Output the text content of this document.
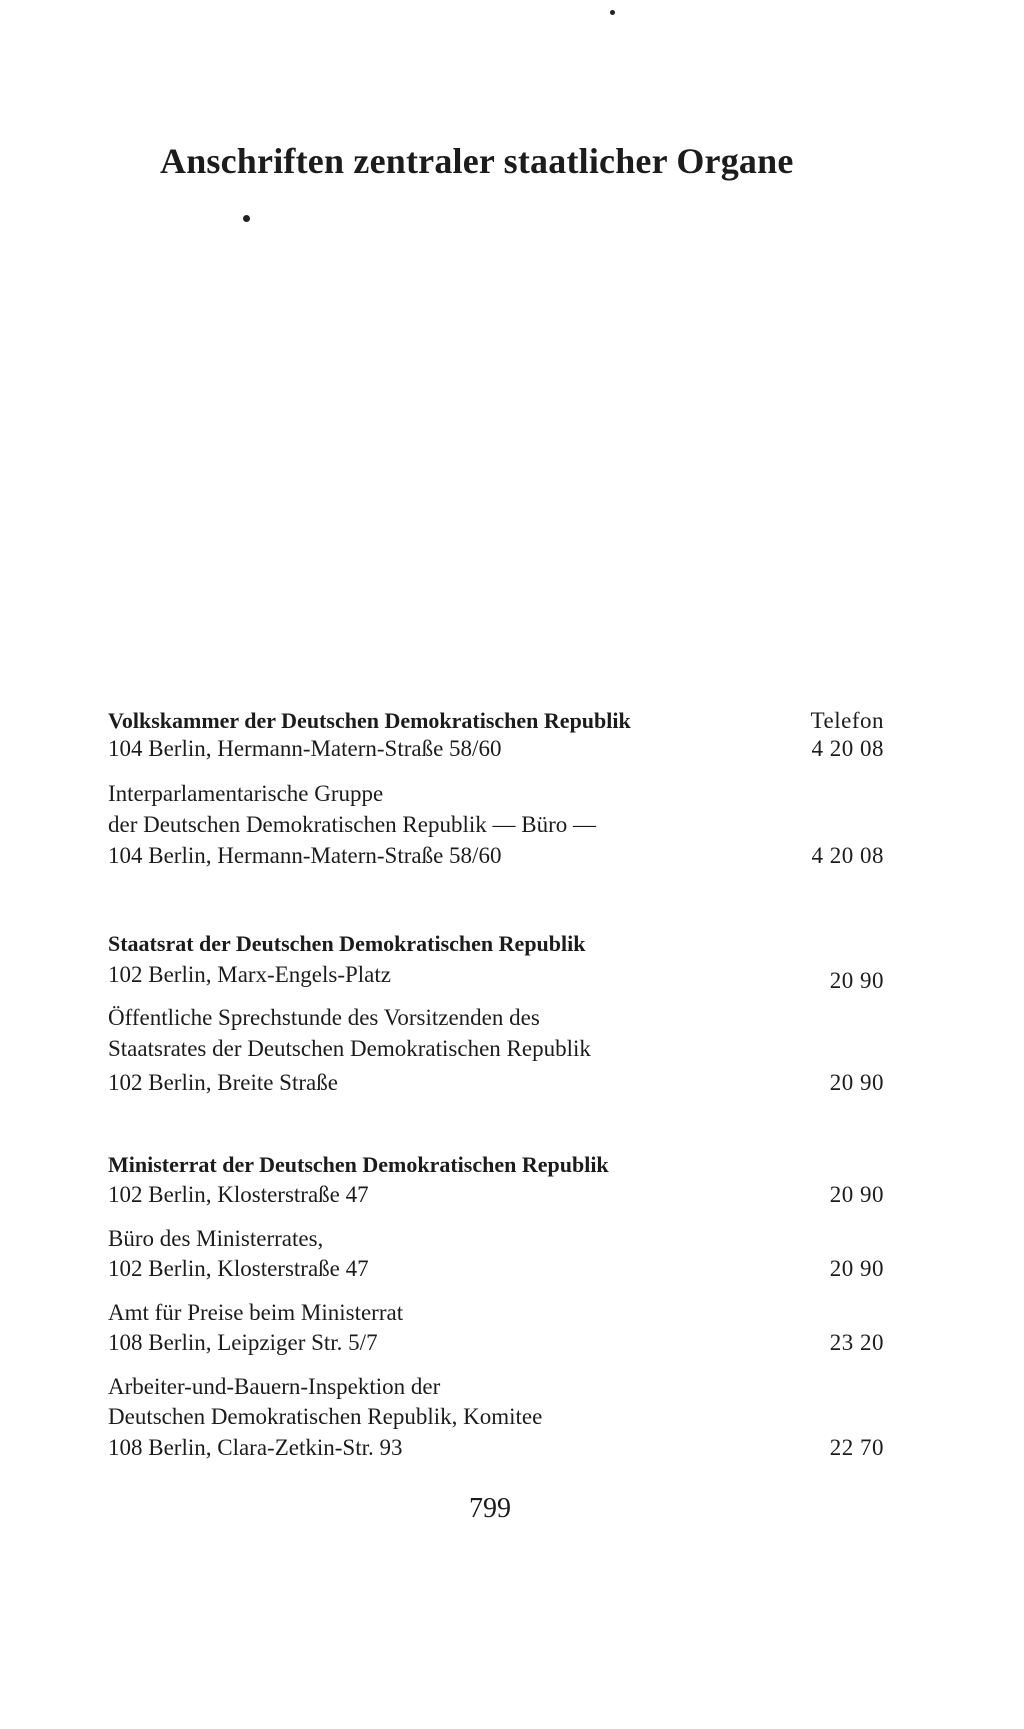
Anschriften zentraler staatlicher Organe
Volkskammer der Deutschen Demokratischen Republik	Telefon
104 Berlin, Hermann-Matern-Straße 58/60	4 20 08
Interparlamentarische Gruppe
der Deutschen Demokratischen Republik — Büro —
104 Berlin, Hermann-Matern-Straße 58/60	4 20 08
Staatsrat der Deutschen Demokratischen Republik
102 Berlin, Marx-Engels-Platz	20 90
Öffentliche Sprechstunde des Vorsitzenden des
Staatsrates der Deutschen Demokratischen Republik
102 Berlin, Breite Straße	20 90
Ministerrat der Deutschen Demokratischen Republik
102 Berlin, Klosterstraße 47	20 90
Büro des Ministerrates,
102 Berlin, Klosterstraße 47	20 90
Amt für Preise beim Ministerrat
108 Berlin, Leipziger Str. 5/7	23 20
Arbeiter-und-Bauern-Inspektion der
Deutschen Demokratischen Republik, Komitee
108 Berlin, Clara-Zetkin-Str. 93	22 70
799
